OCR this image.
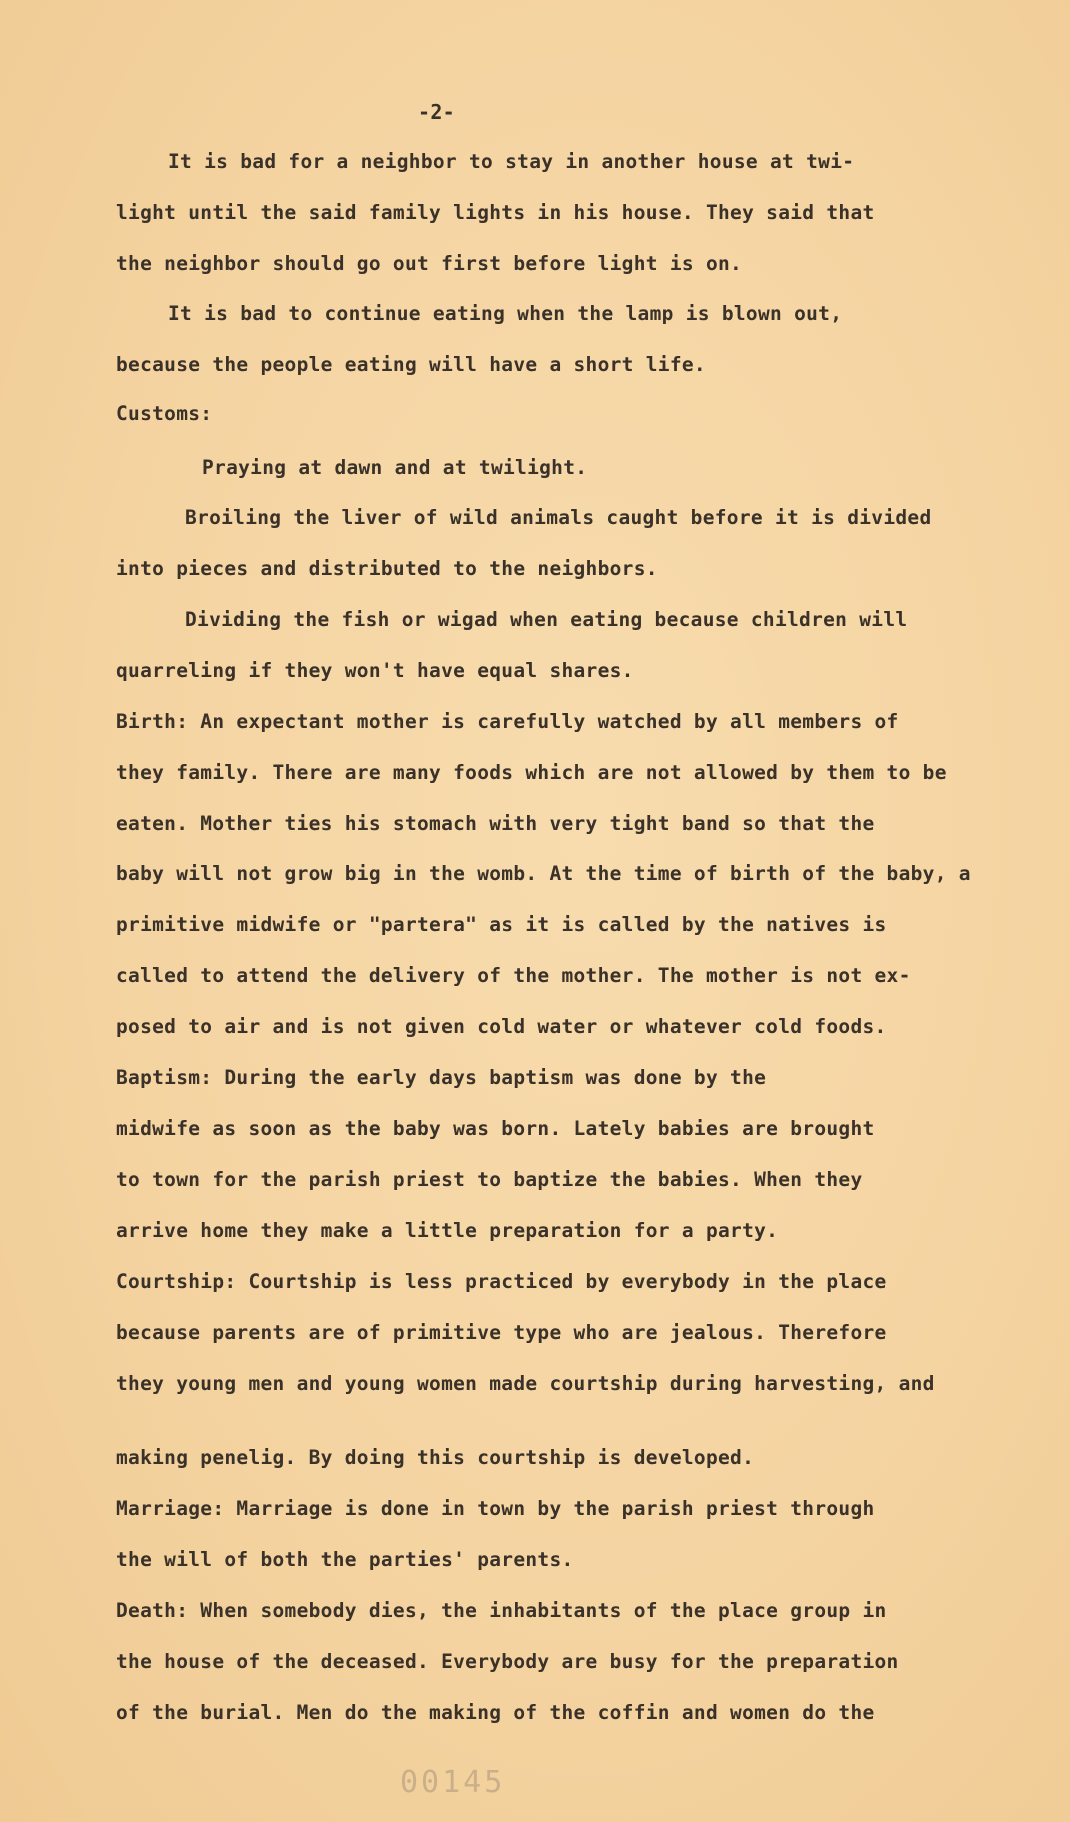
-2-
It is bad for a neighbor to stay in another house at twi-
light until the said family lights in his house. They said that
the neighbor should go out first before light is on.
It is bad to continue eating when the lamp is blown out,
because the people eating will have a short life.
Customs:
Praying at dawn and at twilight.
Broiling the liver of wild animals caught before it is divided
into pieces and distributed to the neighbors.
Dividing the fish or wigad when eating because children will
quarreling if they won't have equal shares.
Birth: An expectant mother is carefully watched by all members of
they family. There are many foods which are not allowed by them to be
eaten. Mother ties his stomach with very tight band so that the
baby will not grow big in the womb. At the time of birth of the baby, a
primitive midwife or "partera" as it is called by the natives is
called to attend the delivery of the mother. The mother is not ex-
posed to air and is not given cold water or whatever cold foods.
Baptism: During the early days baptism was done by the
midwife as soon as the baby was born. Lately babies are brought
to town for the parish priest to baptize the babies. When they
arrive home they make a little preparation for a party.
Courtship: Courtship is less practiced by everybody in the place
because parents are of primitive type who are jealous. Therefore
they young men and young women made courtship during harvesting, and
making penelig. By doing this courtship is developed.
Marriage: Marriage is done in town by the parish priest through
the will of both the parties' parents.
Death: When somebody dies, the inhabitants of the place group in
the house of the deceased. Everybody are busy for the preparation
of the burial. Men do the making of the coffin and women do the
00145
